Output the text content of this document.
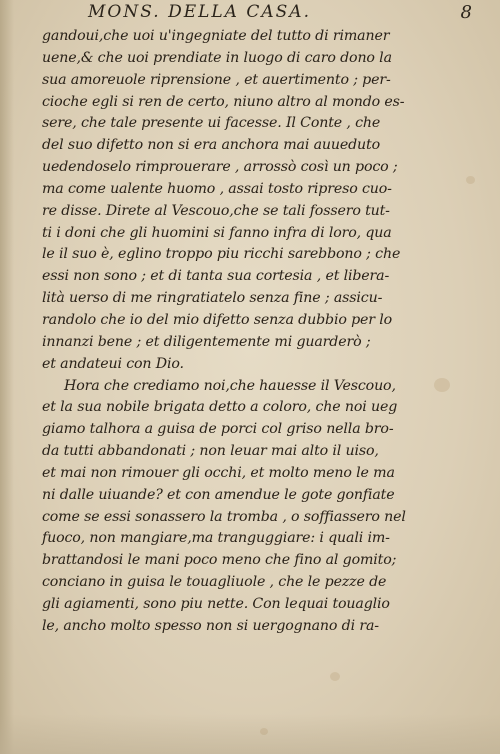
MONS. DELLA CASA.	8
gandoui,che uoi u'ingegniate del tutto di rimaner
uene,& che uoi prendiate in luogo di caro dono la
sua amoreuole riprensione , et auertimento ; per-
cioche egli si ren de certo, niuno altro al mondo es-
sere, che tale presente ui facesse. Il Conte , che
del suo difetto non si era anchora mai auueduto
uedendoselo rimprouerare , arrossò così un poco ;
ma come ualente huomo , assai tosto ripreso cuo-
re disse. Direte al Vescouo,che se tali fossero tut-
ti i doni che gli huomini si fanno infra di loro, qua
le il suo è, eglino troppo piu ricchi sarebbono ; che
essi non sono ; et di tanta sua cortesia , et libera-
lità uerso di me ringratiatelo senza fine ; assicu-
randolo che io del mio difetto senza dubbio per lo
innanzi bene ; et diligentemente mi guarderò ;
et andateui con Dio.
Hora che crediamo noi,che hauesse il Vescouo,
et la sua nobile brigata detto a coloro, che noi ueg
giamo talhora a guisa de porci col griso nella bro-
da tutti abbandonati ; non leuar mai alto il uiso,
et mai non rimouer gli occhi, et molto meno le ma
ni dalle uiuande? et con amendue le gote gonfiate
come se essi sonassero la tromba , o soffiassero nel
fuoco, non mangiare,ma tranguggiare: i quali im-
brattandosi le mani poco meno che fino al gomito;
conciano in guisa le touagliuole , che le pezze de
gli agiamenti, sono piu nette. Con lequai touaglio
le, ancho molto spesso non si uergognano di ra-
